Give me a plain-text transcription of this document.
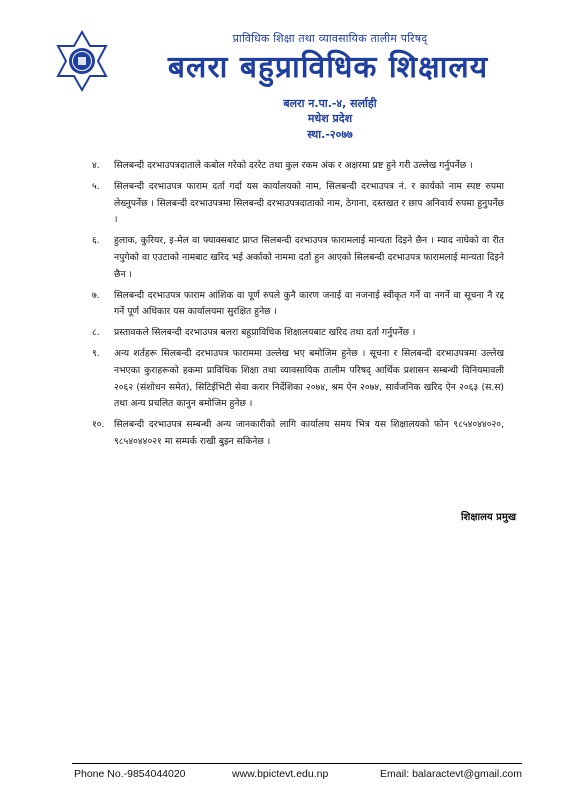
प्राविधिक शिक्षा तथा व्यावसायिक तालीम परिषद्
बलरा बहुप्राविधिक शिक्षालय
बलरा न.पा.-४, सर्लाही
मधेश प्रदेश
स्था.-२०७७
४. सिलबन्दी दरभाउपत्रदाताले कबोल गरेको दररेट तथा कुल रकम अंक र अक्षरमा प्रष्ट हुने गरी उल्लेख गर्नुपर्नेछ ।
५. सिलबन्दी दरभाउपत्र फाराम दर्ता गर्दा यस कार्यालयको नाम, सिलबन्दी दरभाउपत्र नं. र कार्यको नाम स्पष्ट रुपमा लेख्नुपर्नेछ । सिलबन्दी दरभाउपत्रमा सिलबन्दी दरभाउपत्रदाताको नाम, ठेगाना, दस्तखत र छाप अनिवार्य रुपमा हुनुपर्नेछ ।
६. हुलाक, कुरियर, इ-मेल वा फ्याक्सबाट प्राप्त सिलबन्दी दरभाउपत्र फारामलाई मान्यता दिइने छैन । म्याद नाघेको वा रीत नपुगेको वा एउटाको नामबाट खरिद भई अर्काको नाममा दर्ता हुन आएको सिलबन्दी दरभाउपत्र फारामलाई मान्यता दिइने छैन ।
७. सिलबन्दी दरभाउपत्र फाराम आंशिक वा पूर्ण रुपले कुनै कारण जनाई वा नजनाई स्वीकृत गर्ने वा नगर्ने वा सूचना नै रद्द गर्ने पूर्ण अधिकार यस कार्यालयमा सुरक्षित हुनेछ ।
८. प्रस्तावकले सिलबन्दी दरभाउपत्र बलरा बहुप्राविधिक शिक्षालयबाट खरिद तथा दर्ता गर्नुपर्नेछ ।
९. अन्य शर्तहरू सिलबन्दी दरभाउपत्र फाराममा उल्लेख भए बमोजिम हुनेछ । सूचना र सिलबन्दी दरभाउपत्रमा उल्लेख नभएका कुराहरूको हकमा प्राविधिक शिक्षा तथा व्यावसायिक तालीम परिषद् आर्थिक प्रशासन सम्बन्धी विनियमावली २०६२ (संशोधन समेत), सिटिईभिटी सेवा करार निर्देशिका २०७४, श्रम ऐन २०७४, सार्वजनिक खरिद ऐन २०६३ (स.स) तथा अन्य प्रचलित कानुन बमोजिम हुनेछ ।
१०. सिलबन्दी दरभाउपत्र सम्बन्धी अन्य जानकारीको लागि कार्यालय समय भित्र यस शिक्षालयको फोन ९८५४०४४०२०, ९८५४०४४०२१ मा सम्पर्क राखी बुझ्न सकिनेछ ।
शिक्षालय प्रमुख
Phone No.-9854044020	www.bpictevt.edu.np	Email: balaractevt@gmail.com
